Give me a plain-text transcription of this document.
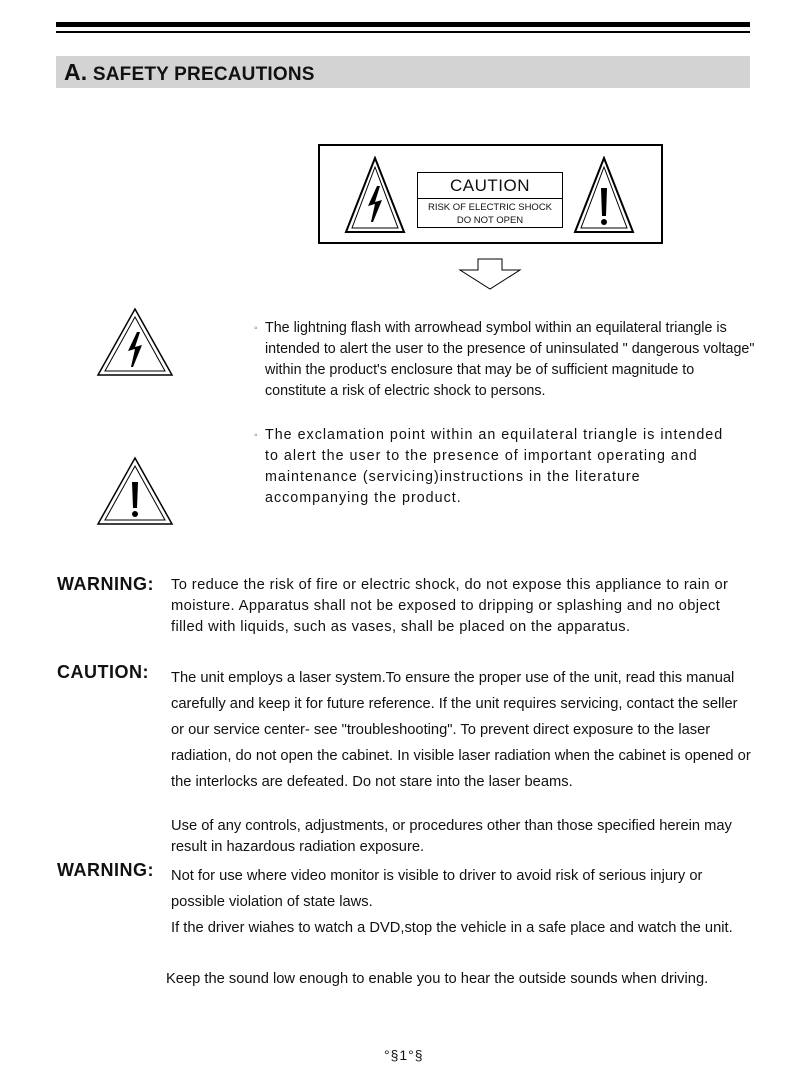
A. SAFETY PRECAUTIONS
CAUTION
RISK OF ELECTRIC SHOCK
DO NOT OPEN

◦ The lightning flash with arrowhead symbol within an equilateral triangle is intended to alert the user to the presence of uninsulated " dangerous voltage" within the product's enclosure that may be of sufficient magnitude to constitute a risk of electric shock to persons.

◦ The exclamation point within an equilateral triangle is intended to alert the user to the presence of important operating and maintenance (servicing)instructions in the literature accompanying the product.

WARNING: To reduce the risk of fire or electric shock, do not expose this appliance to rain or moisture. Apparatus shall not be exposed to dripping or splashing and no object filled with liquids, such as vases, shall be placed on the apparatus.

CAUTION: The unit employs a laser system.To ensure the proper use of the unit, read this manual carefully and keep it for future reference. If the unit requires servicing, contact the seller or our service center- see "troubleshooting". To prevent direct exposure to the laser radiation, do not open the cabinet. In visible laser radiation when the cabinet is opened or the interlocks are defeated. Do not stare into the laser beams.

Use of any controls, adjustments, or procedures other than those specified herein may result in hazardous radiation exposure.

WARNING: Not for use where video monitor is visible to driver to avoid risk of serious injury or possible violation of state laws.
If the driver wiahes to watch a DVD,stop the vehicle in a safe place and watch the unit.

Keep the sound low enough to enable you to hear the outside sounds when driving.

°§1°§
